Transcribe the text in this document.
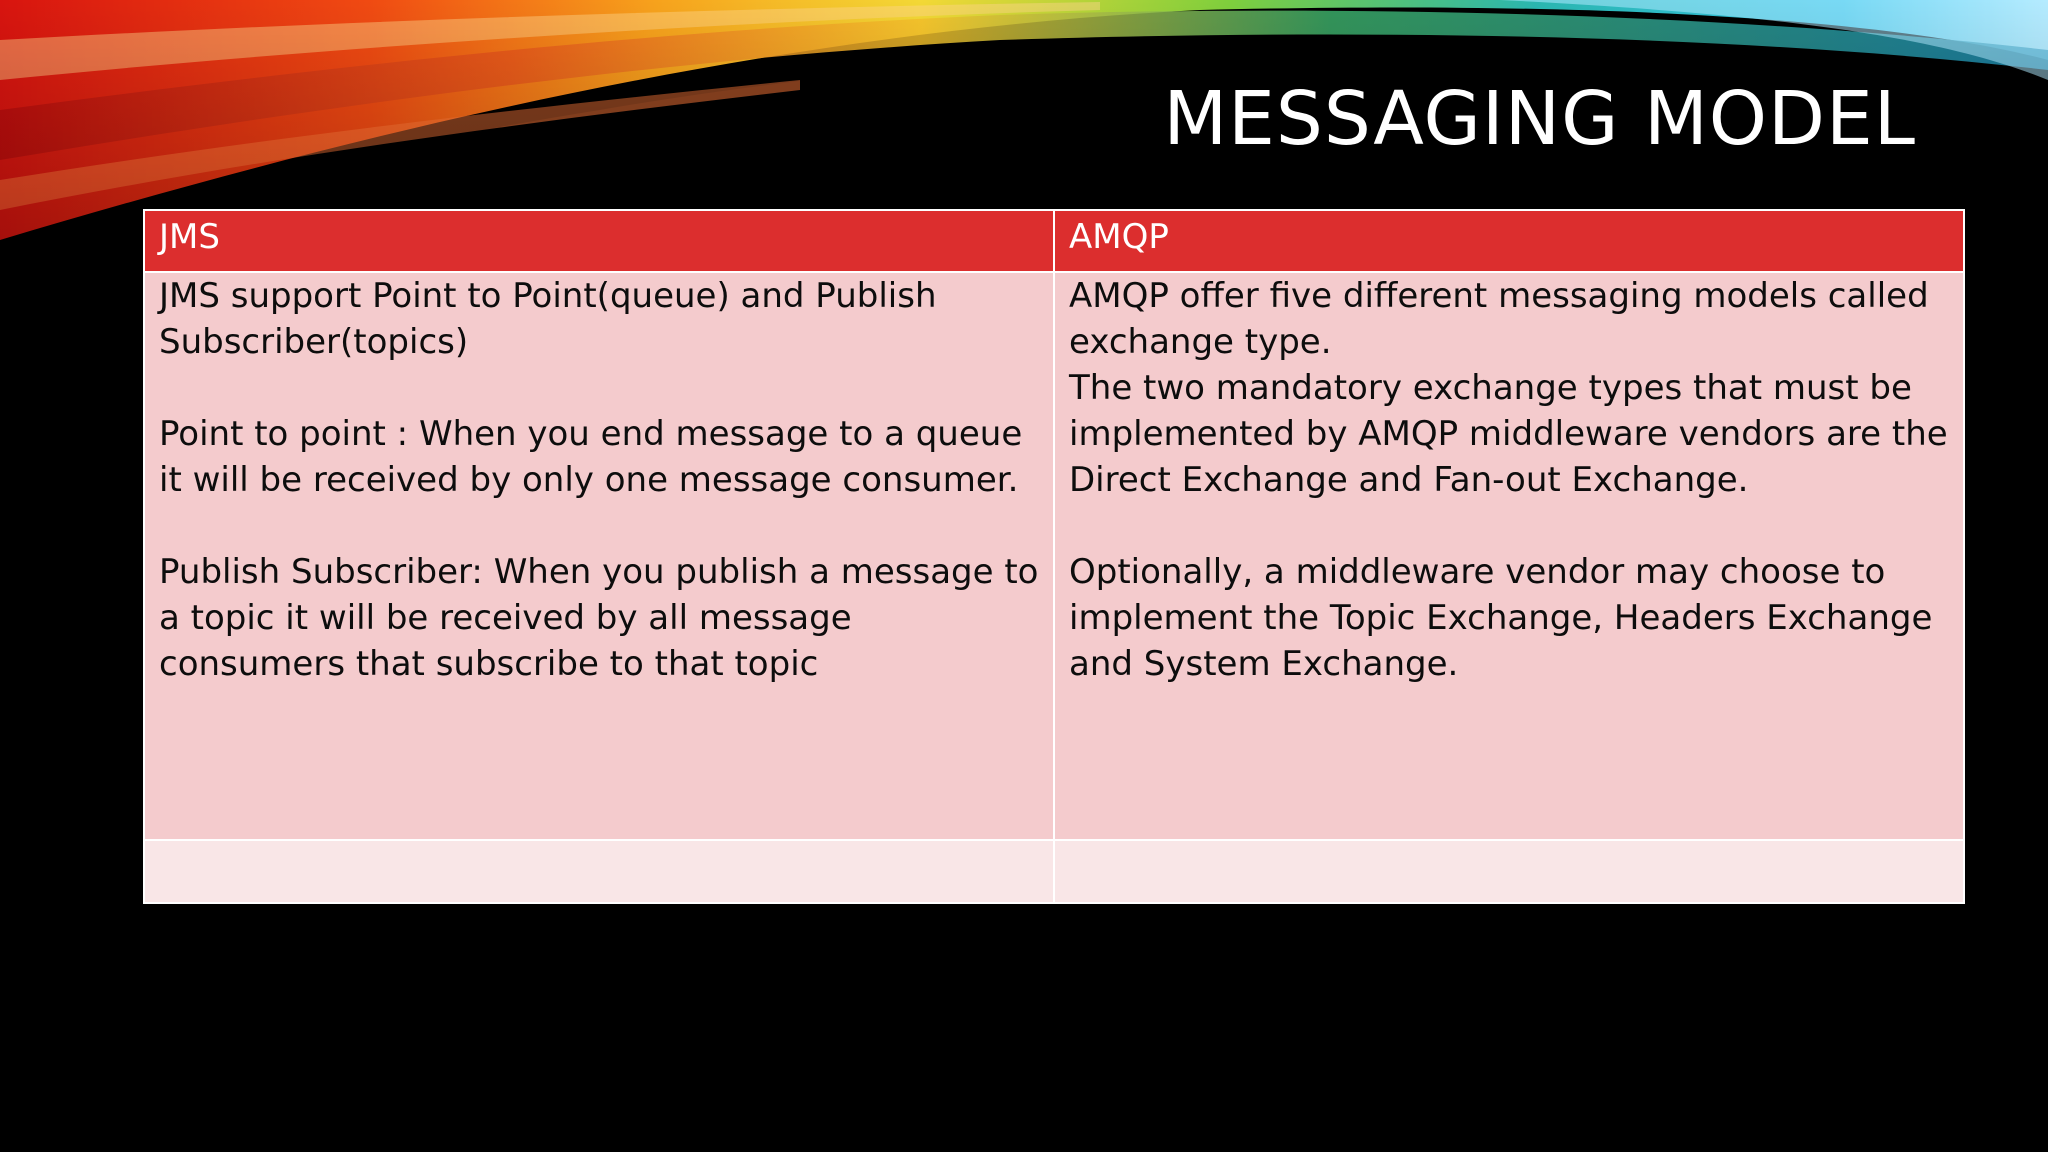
MESSAGING MODEL
JMS	AMQP

JMS support Point to Point(queue) and Publish Subscriber(topics)

Point to point : When you end message to a queue it will be received by only one message consumer.

Publish Subscriber: When you publish a message to a topic it will be received by all message consumers that subscribe to that topic

AMQP offer five different messaging models called exchange type.

The two mandatory exchange types that must be implemented by AMQP middleware vendors are the Direct Exchange and Fan-out Exchange.

Optionally, a middleware vendor may choose to implement the Topic Exchange, Headers Exchange and System Exchange.
